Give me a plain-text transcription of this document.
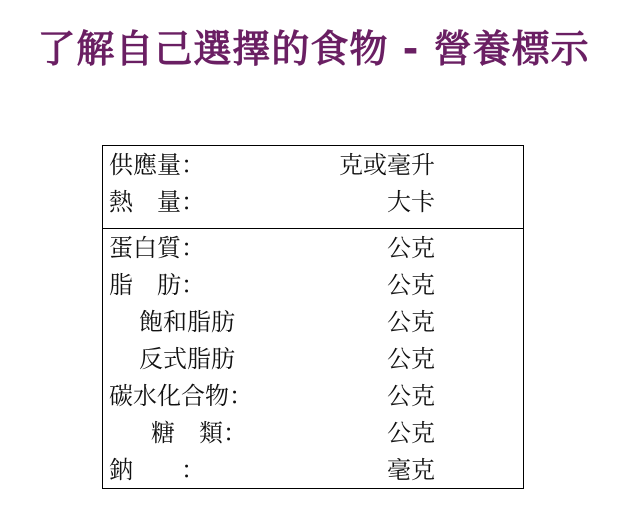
了解自己選擇的食物 - 營養標示
供應量：	克或毫升
熱　量：	大卡
蛋白質：	公克
脂　肪：	公克
飽和脂肪	公克
反式脂肪	公克
碳水化合物：	公克
糖　類：	公克
鈉　　：	毫克
